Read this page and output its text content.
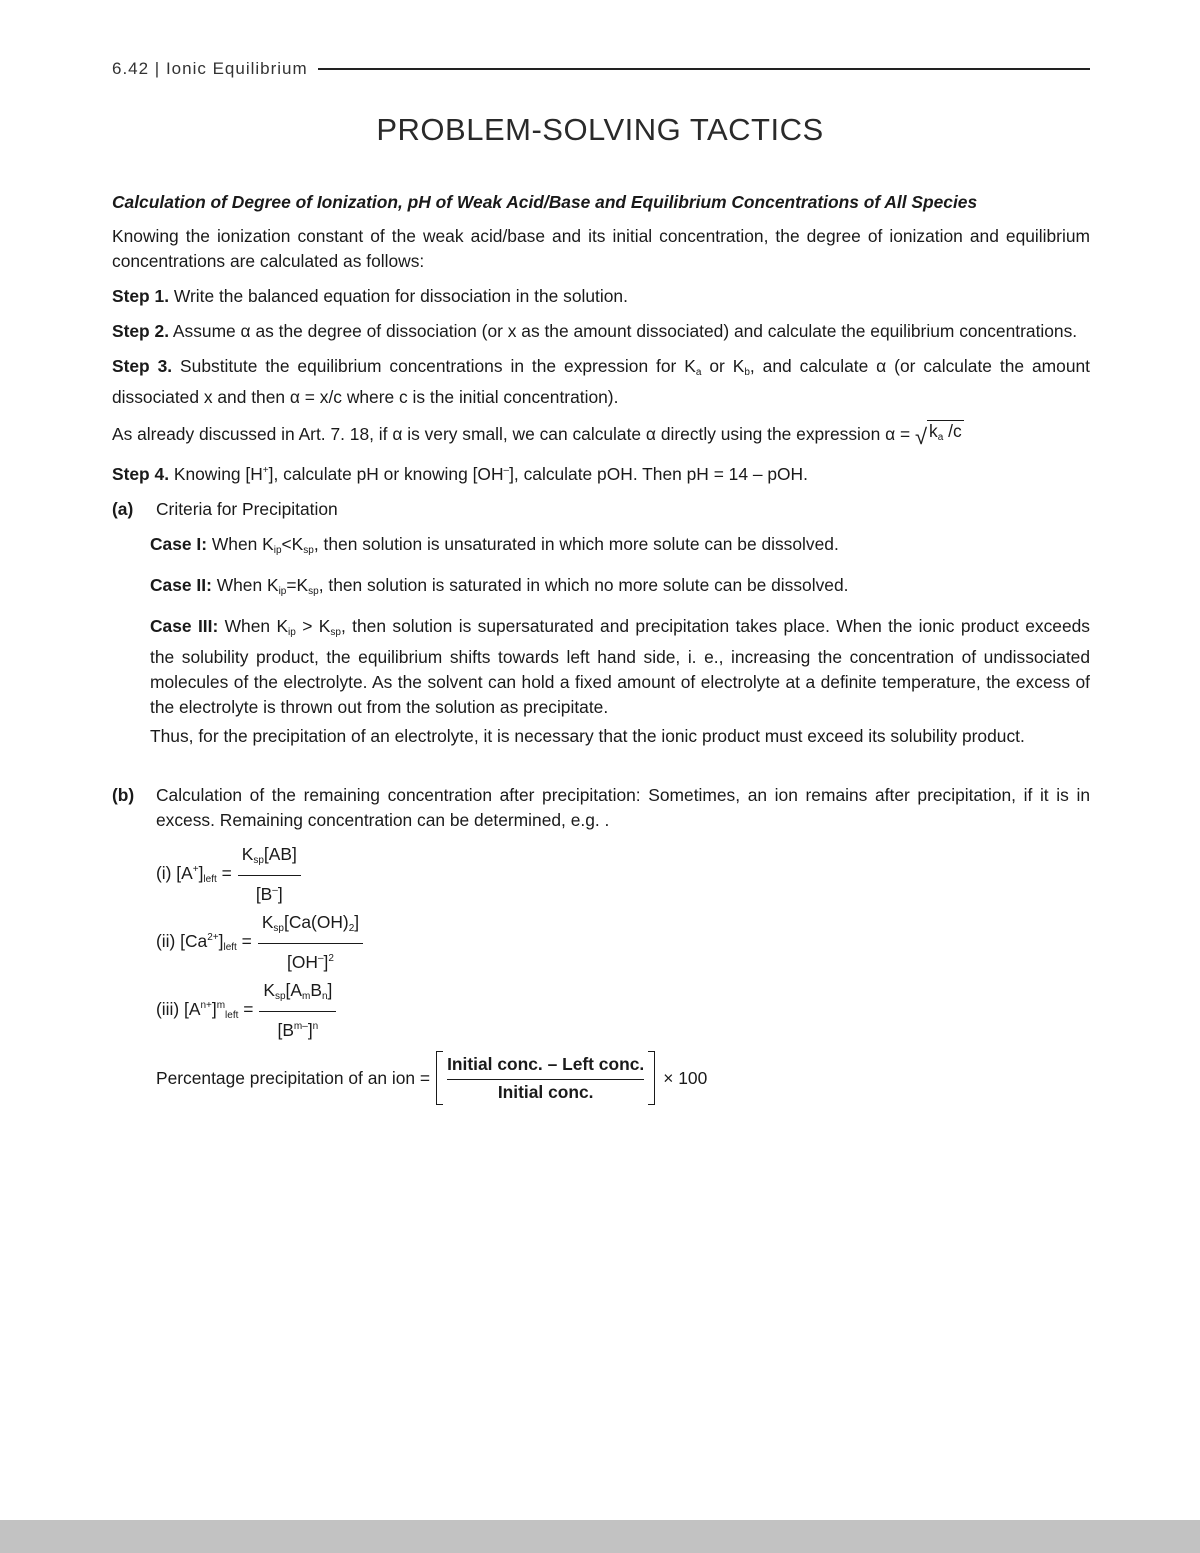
6.42 | Ionic Equilibrium
PROBLEM-SOLVING TACTICS

Calculation of Degree of Ionization, pH of Weak Acid/Base and Equilibrium Concentrations of All Species

Knowing the ionization constant of the weak acid/base and its initial concentration, the degree of ionization and equilibrium concentrations are calculated as follows:

Step 1. Write the balanced equation for dissociation in the solution.

Step 2. Assume α as the degree of dissociation (or x as the amount dissociated) and calculate the equilibrium concentrations.

Step 3. Substitute the equilibrium concentrations in the expression for $K_a$ or $K_b$, and calculate α (or calculate the amount dissociated x and then α = x/c where c is the initial concentration).

As already discussed in Art. 7. 18, if α is very small, we can calculate α directly using the expression α = √ $k_a$ /c

Step 4. Knowing [H+], calculate pH or knowing [OH–], calculate pOH. Then pH = 14 – pOH.

(a)	Criteria for Precipitation

Case I: When $K_{ip}<K_{sp}$, then solution is unsaturated in which more solute can be dissolved.

Case II: When $K_{ip}=K_{sp}$, then solution is saturated in which no more solute can be dissolved.

Case III: When $K_{ip} > K_{sp}$, then solution is supersaturated and precipitation takes place. When the ionic product exceeds the solubility product, the equilibrium shifts towards left hand side, i. e., increasing the concentration of undissociated molecules of the electrolyte. As the solvent can hold a fixed amount of electrolyte at a definite temperature, the excess of the electrolyte is thrown out from the solution as precipitate.

Thus, for the precipitation of an electrolyte, it is necessary that the ionic product must exceed its solubility product.

(b)	Calculation of the remaining concentration after precipitation: Sometimes, an ion remains after precipitation, if it is in excess. Remaining concentration can be determined, e.g. .

(i) $[A^+]_{left} = \frac{K_{sp}[AB]}{[B^-]}$
(ii) $[Ca^{2+}]_{left} = \frac{K_{sp}[Ca(OH)_2]}{[OH^-]^2}$
(iii) $[A^{n+}]^m_{left} = \frac{K_{sp}[A_mB_n]}{[B^{m-}]^n}$
Percentage precipitation of an ion = $\frac{\text{Initial conc. – Left conc.}}{\text{Initial conc.}} \times 100$
